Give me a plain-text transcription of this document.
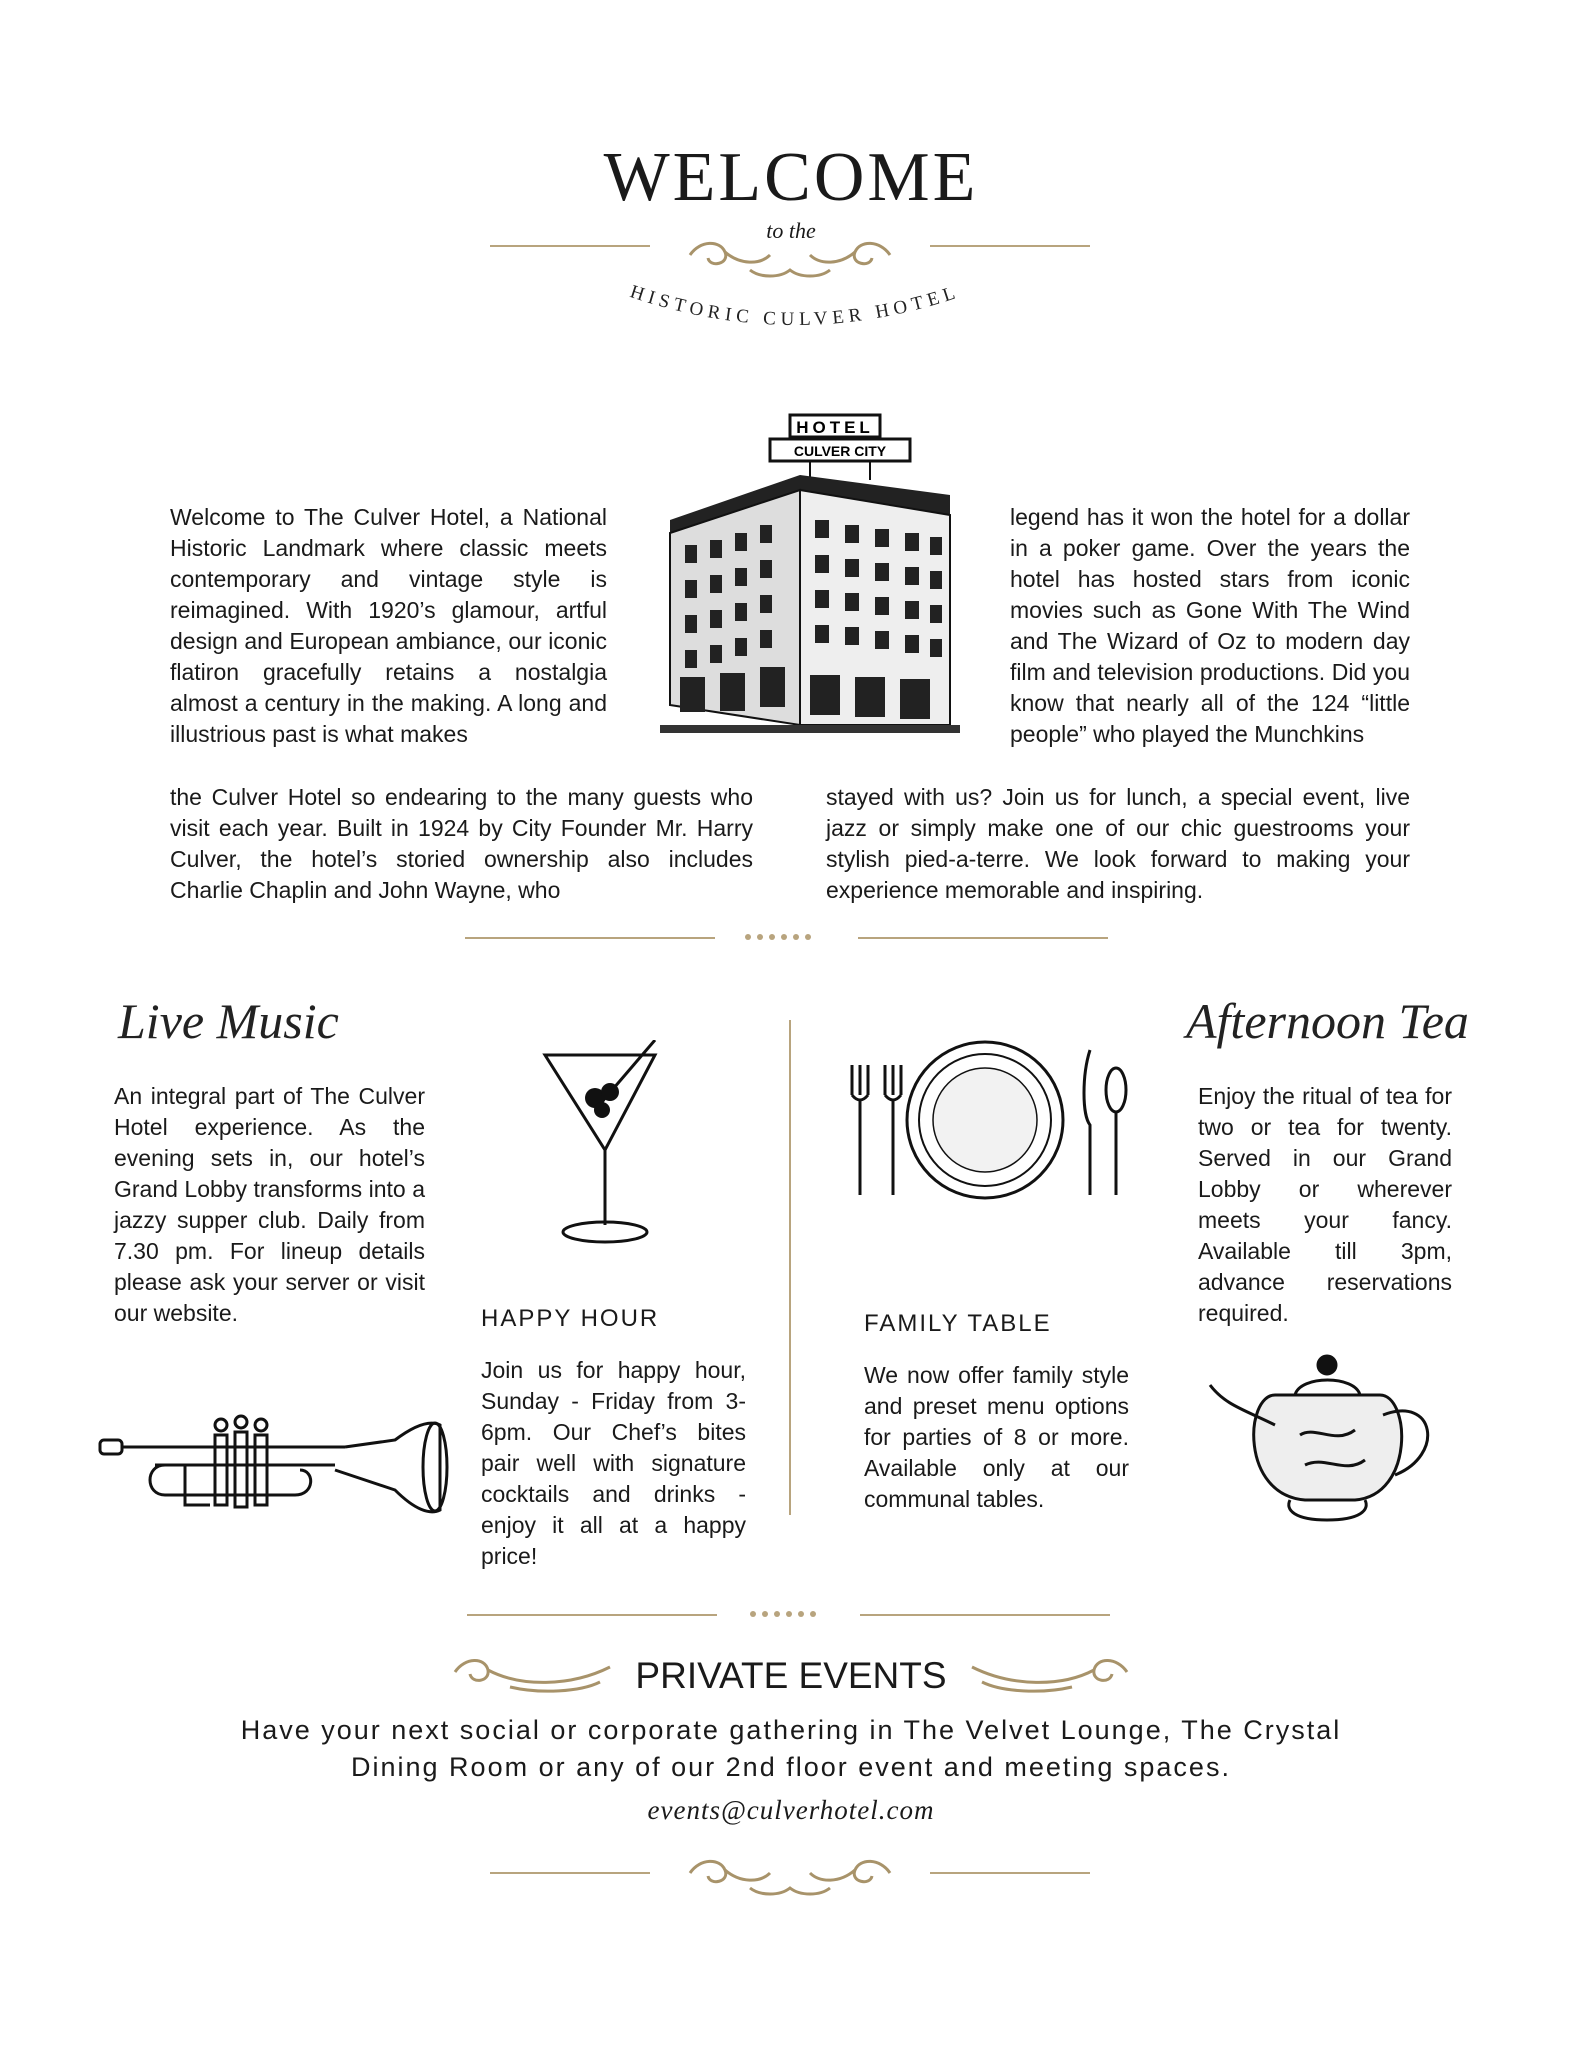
WELCOME
to the
HISTORIC CULVER HOTEL
HOTEL
CULVER CITY
Welcome to The Culver Hotel, a National Historic Landmark where classic meets contemporary and vintage style is reimagined. With 1920’s glamour, artful design and European ambiance, our iconic flatiron gracefully retains a nostalgia almost a century in the making. A long and illustrious past is what makes
the Culver Hotel so endearing to the many guests who visit each year. Built in 1924 by City Founder Mr. Harry Culver, the hotel’s storied ownership also includes Charlie Chaplin and John Wayne, who
legend has it won the hotel for a dollar in a poker game. Over the years the hotel has hosted stars from iconic movies such as Gone With The Wind and The Wizard of Oz to modern day film and television productions. Did you know that nearly all of the 124 “little people” who played the Munchkins
stayed with us? Join us for lunch, a special event, live jazz or simply make one of our chic guestrooms your stylish pied-a-terre. We look forward to making your experience memorable and inspiring.
Live Music
An integral part of The Culver Hotel experience. As the evening sets in, our hotel’s Grand Lobby transforms into a jazzy supper club. Daily from 7.30 pm. For lineup details please ask your server or visit our website.	HAPPY HOUR
Join us for happy hour, Sunday - Friday from 3-6pm. Our Chef’s bites pair well with signature cocktails and drinks - enjoy it all at a happy price!
FAMILY TABLE
We now offer family style and preset menu options for parties of 8 or more. Available only at our communal tables.
Afternoon Tea
Enjoy the ritual of tea for two or tea for twenty. Served in our Grand Lobby or wherever meets your fancy. Available till 3pm, advance reservations required.
PRIVATE EVENTS
Have your next social or corporate gathering in The Velvet Lounge, The Crystal
Dining Room or any of our 2nd floor event and meeting spaces.
events@culverhotel.com
